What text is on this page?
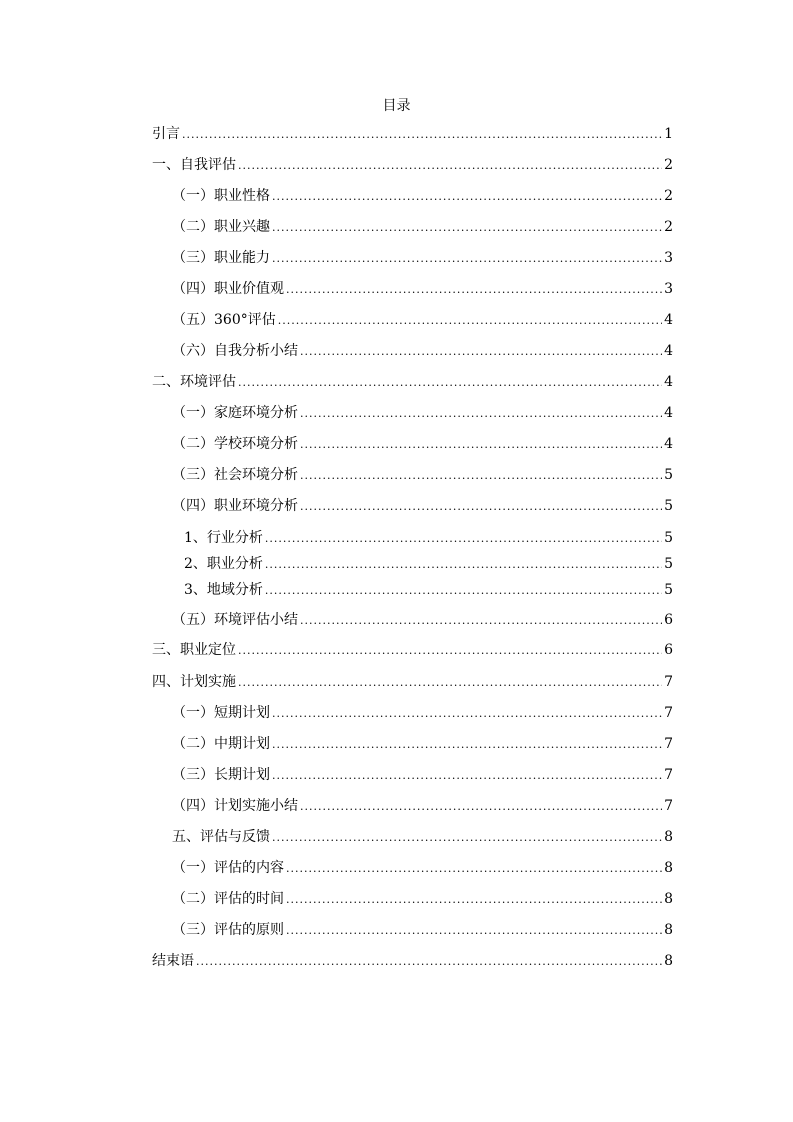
目录
引言 .....	1
一、自我评估 .....	2
（一）职业性格 .....	2
（二）职业兴趣 .....	2
（三）职业能力 .....	3
（四）职业价值观 .....	3
（五）360°评估 .....	4
（六）自我分析小结 .....	4
二、环境评估 .....	4
（一）家庭环境分析 .....	4
（二）学校环境分析 .....	4
（三）社会环境分析 .....	5
（四）职业环境分析 .....	5
1、行业分析 .....	5
2、职业分析 .....	5
3、地域分析 .....	5
（五）环境评估小结 .....	6
三、职业定位 .....	6
四、计划实施 .....	7
（一）短期计划 .....	7
（二）中期计划 .....	7
（三）长期计划 .....	7
（四）计划实施小结 .....	7
五、评估与反馈 .....	8
（一）评估的内容 .....	8
（二）评估的时间 .....	8
（三）评估的原则 .....	8
结束语 .....	8
